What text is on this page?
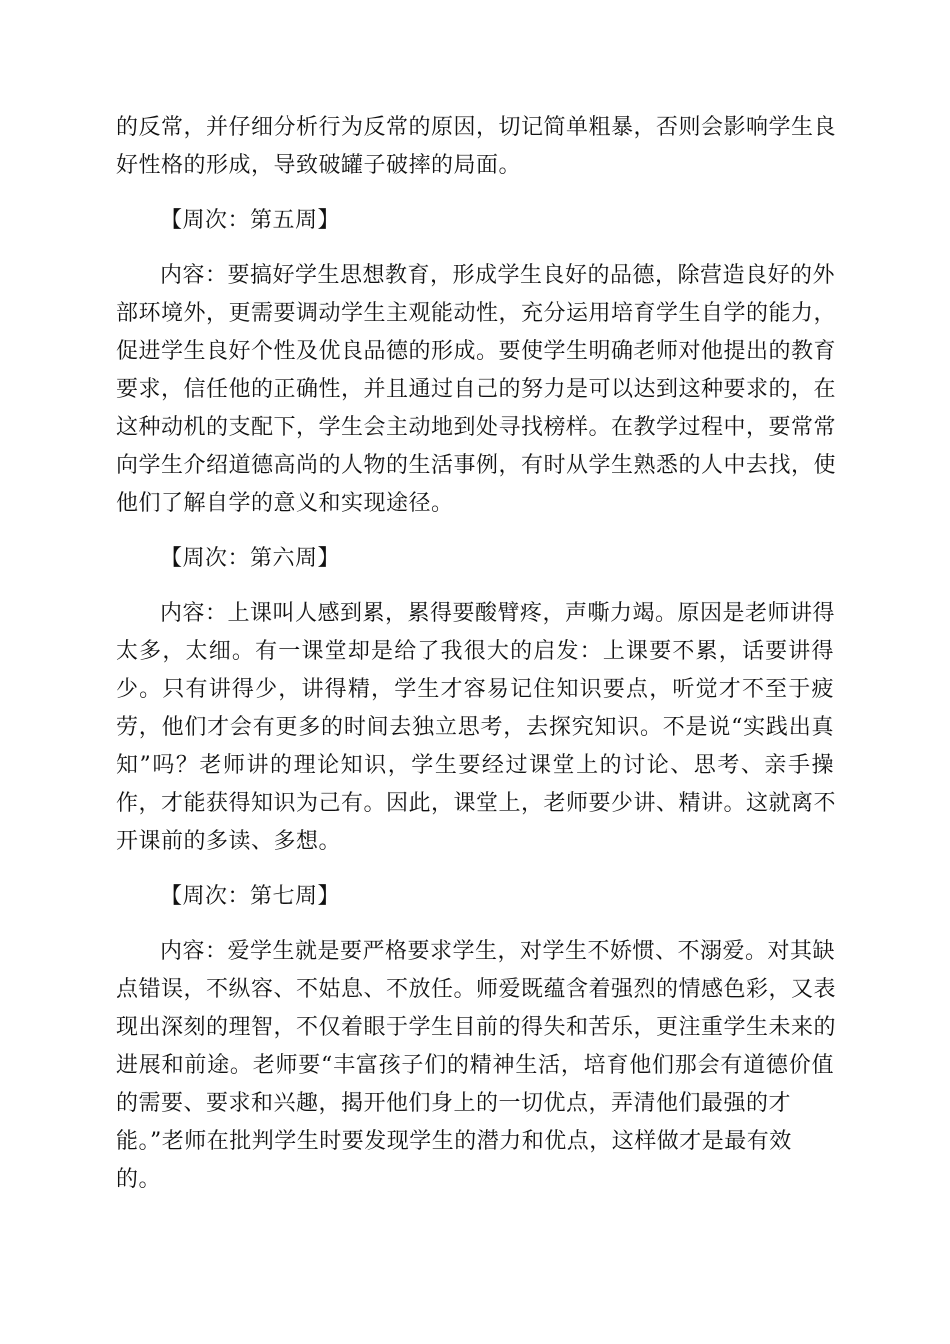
的反常，并仔细分析行为反常的原因，切记简单粗暴，否则会影响学生良
好性格的形成，导致破罐子破摔的局面。
【周次：第五周】
内容：要搞好学生思想教育，形成学生良好的品德，除营造良好的外
部环境外，更需要调动学生主观能动性，充分运用培育学生自学的能力，
促进学生良好个性及优良品德的形成。要使学生明确老师对他提出的教育
要求，信任他的正确性，并且通过自己的努力是可以达到这种要求的，在
这种动机的支配下，学生会主动地到处寻找榜样。在教学过程中，要常常
向学生介绍道德高尚的人物的生活事例，有时从学生熟悉的人中去找，使
他们了解自学的意义和实现途径。
【周次：第六周】
内容：上课叫人感到累，累得要酸臂疼，声嘶力竭。原因是老师讲得
太多，太细。有一课堂却是给了我很大的启发：上课要不累，话要讲得
少。只有讲得少，讲得精，学生才容易记住知识要点，听觉才不至于疲
劳，他们才会有更多的时间去独立思考，去探究知识。不是说“实践出真
知”吗？老师讲的理论知识，学生要经过课堂上的讨论、思考、亲手操
作，才能获得知识为己有。因此，课堂上，老师要少讲、精讲。这就离不
开课前的多读、多想。
【周次：第七周】
内容：爱学生就是要严格要求学生，对学生不娇惯、不溺爱。对其缺
点错误，不纵容、不姑息、不放任。师爱既蕴含着强烈的情感色彩，又表
现出深刻的理智，不仅着眼于学生目前的得失和苦乐，更注重学生未来的
进展和前途。老师要“丰富孩子们的精神生活，培育他们那会有道德价值
的需要、要求和兴趣，揭开他们身上的一切优点，弄清他们最强的才
能。”老师在批判学生时要发现学生的潜力和优点，这样做才是最有效
的。
